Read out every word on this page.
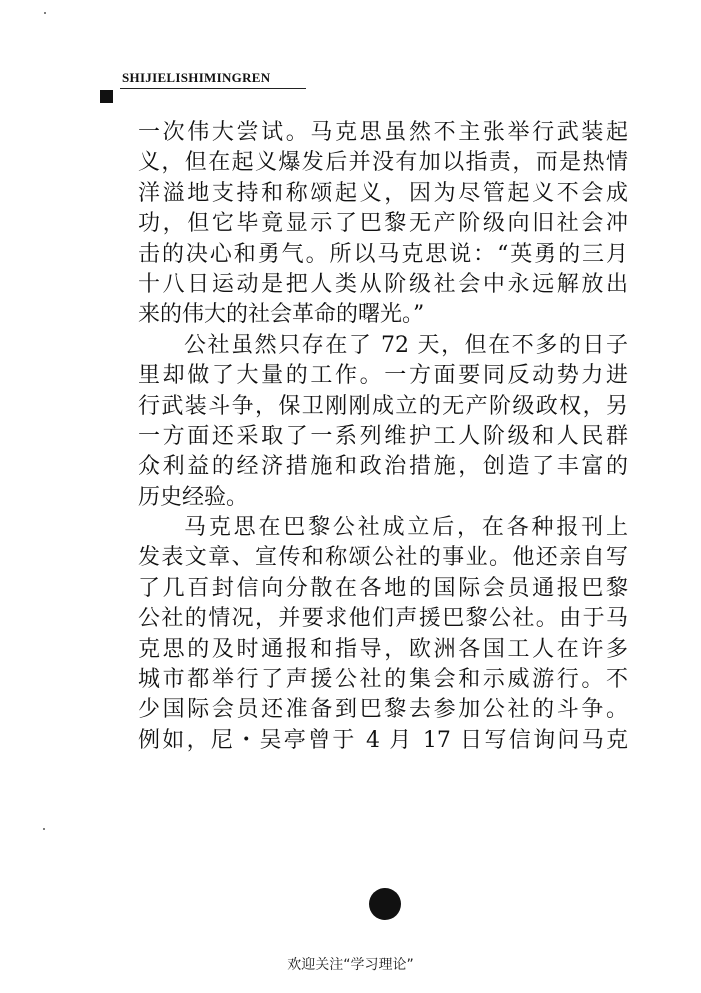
SHIJIELISHIMINGREN
一次伟大尝试。马克思虽然不主张举行武装起
义，但在起义爆发后并没有加以指责，而是热情
洋溢地支持和称颂起义，因为尽管起义不会成
功，但它毕竟显示了巴黎无产阶级向旧社会冲
击的决心和勇气。所以马克思说：“英勇的三月
十八日运动是把人类从阶级社会中永远解放出
来的伟大的社会革命的曙光。”
公社虽然只存在了 72 天，但在不多的日子
里却做了大量的工作。一方面要同反动势力进
行武装斗争，保卫刚刚成立的无产阶级政权，另
一方面还采取了一系列维护工人阶级和人民群
众利益的经济措施和政治措施，创造了丰富的
历史经验。
马克思在巴黎公社成立后，在各种报刊上
发表文章、宣传和称颂公社的事业。他还亲自写
了几百封信向分散在各地的国际会员通报巴黎
公社的情况，并要求他们声援巴黎公社。由于马
克思的及时通报和指导，欧洲各国工人在许多
城市都举行了声援公社的集会和示威游行。不
少国际会员还准备到巴黎去参加公社的斗争。
例如，尼・吴亭曾于 4 月 17 日写信询问马克
欢迎关注“学习理论”
